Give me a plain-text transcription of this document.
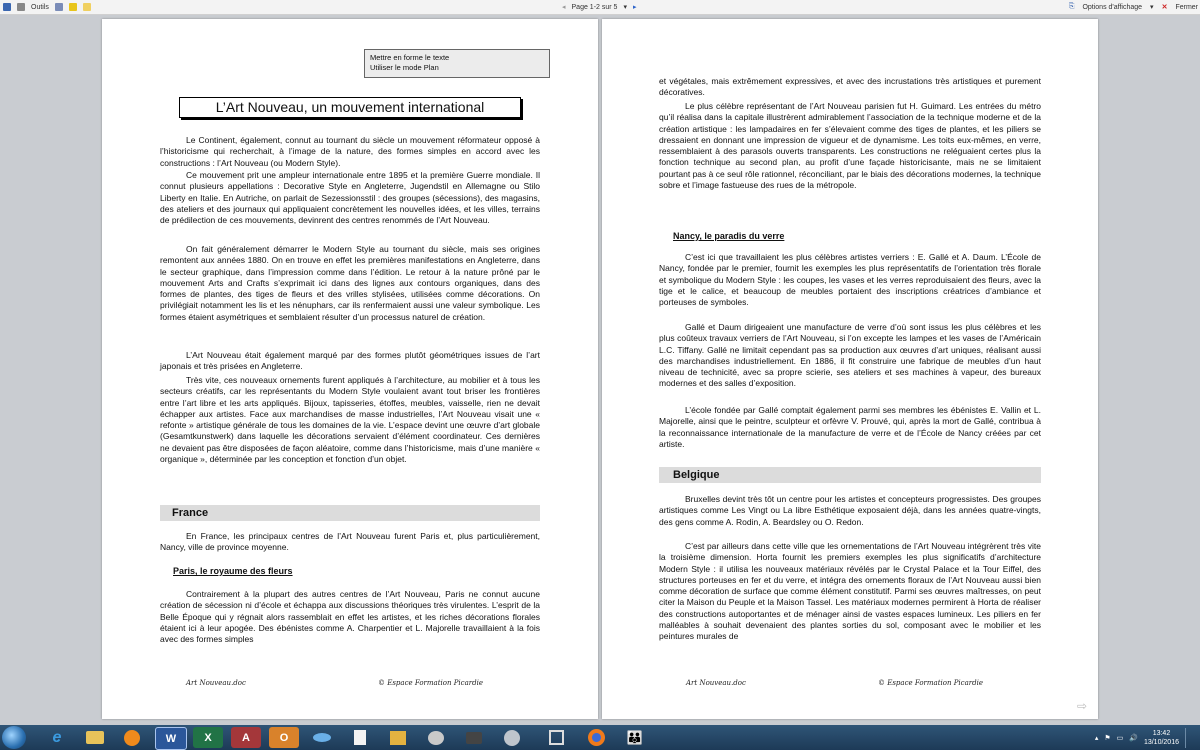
Outils	◂ Page 1-2 sur 5 ▾ ▸	⎘ Options d'affichage ▾ ✕ Fermer
Mettre en forme le texte
Utiliser le mode Plan
L’Art Nouveau, un mouvement international
Le Continent, également, connut au tournant du siècle un mouvement réformateur opposé à l’historicisme qui recherchait, à l’image de la nature, des formes simples en accord avec les constructions : l’Art Nouveau (ou Modern Style).
Ce mouvement prit une ampleur internationale entre 1895 et la première Guerre mondiale. Il connut plusieurs appellations : Decorative Style en Angleterre, Jugendstil en Allemagne ou Stilo Liberty en Italie. En Autriche, on parlait de Sezessionsstil : des groupes (sécessions), des magasins, des ateliers et des journaux qui appliquaient concrètement les nouvelles idées, et les villes, terrains de prédilection de ces mouvements, devinrent des centres renommés de l’Art Nouveau.
On fait généralement démarrer le Modern Style au tournant du siècle, mais ses origines remontent aux années 1880. On en trouve en effet les premières manifestations en Angleterre, dans le secteur graphique, dans l’impression comme dans l’édition. Le retour à la nature prôné par le mouvement Arts and Crafts s’exprimait ici dans des lignes aux contours organiques, dans des formes de plantes, des tiges de fleurs et des vrilles stylisées, utilisées comme décorations. On privilégiait notamment les lis et les nénuphars, car ils renfermaient aussi une valeur symbolique. Les formes étaient asymétriques et semblaient résulter d’un processus naturel de création.
L’Art Nouveau était également marqué par des formes plutôt géométriques issues de l’art japonais et très prisées en Angleterre.
Très vite, ces nouveaux ornements furent appliqués à l’architecture, au mobilier et à tous les secteurs créatifs, car les représentants du Modern Style voulaient avant tout briser les frontières entre l’art libre et les arts appliqués. Bijoux, tapisseries, étoffes, meubles, vaisselle, rien ne devait échapper aux artistes. Face aux marchandises de masse industrielles, l’Art Nouveau visait une « refonte » artistique générale de tous les domaines de la vie. L’espace devint une œuvre d’art globale (Gesamtkunstwerk) dans laquelle les décorations servaient d’élément coordinateur. Ces dernières ne devaient pas être disposées de façon aléatoire, comme dans l’historicisme, mais d’une manière « organique », déterminée par les conception et fonction d’un objet.
France
En France, les principaux centres de l’Art Nouveau furent Paris et, plus particulièrement, Nancy, ville de province moyenne.
Paris, le royaume des fleurs
Contrairement à la plupart des autres centres de l’Art Nouveau, Paris ne connut aucune création de sécession ni d’école et échappa aux discussions théoriques très virulentes. L’esprit de la Belle Époque qui y régnait alors rassemblait en effet les artistes, et les riches décorations florales étaient ici à leur apogée. Des ébénistes comme A. Charpentier et L. Majorelle travaillaient à la fois avec des formes simples
Art Nouveau.doc	© Espace Formation Picardie
et végétales, mais extrêmement expressives, et avec des incrustations très artistiques et purement décoratives.
Le plus célèbre représentant de l’Art Nouveau parisien fut H. Guimard. Les entrées du métro qu’il réalisa dans la capitale illustrèrent admirablement l’association de la technique moderne et de la création artistique : les lampadaires en fer s’élevaient comme des tiges de plantes, et les piliers se dressaient en donnant une impression de vigueur et de dynamisme. Les toits eux-mêmes, en verre, ressemblaient à des parasols ouverts transparents. Les constructions ne reléguaient certes plus la fonction technique au second plan, au profit d’une façade historicisante, mais ne se limitaient pourtant pas à ce seul rôle rationnel, réconciliant, par le biais des décorations modernes, la technique sobre et l’image fastueuse des rues de la métropole.
Nancy, le paradis du verre
C’est ici que travaillaient les plus célèbres artistes verriers : E. Gallé et A. Daum. L’École de Nancy, fondée par le premier, fournit les exemples les plus représentatifs de l’orientation très florale et symbolique du Modern Style : les coupes, les vases et les verres reproduisaient des fleurs, avec la tige et le calice, et beaucoup de meubles portaient des inscriptions créatrices d’ambiance et porteuses de symboles.
Gallé et Daum dirigeaient une manufacture de verre d’où sont issus les plus célèbres et les plus coûteux travaux verriers de l’Art Nouveau, si l’on excepte les lampes et les vases de l’Américain L.C. Tiffany. Gallé ne limitait cependant pas sa production aux œuvres d’art uniques, réalisant aussi des marchandises industriellement. En 1886, il fit construire une fabrique de meubles d’un haut niveau de technicité, avec sa propre scierie, ses ateliers et ses machines à vapeur, des bureaux modernes et des salles d’exposition.
L’école fondée par Gallé comptait également parmi ses membres les ébénistes E. Vallin et L. Majorelle, ainsi que le peintre, sculpteur et orfèvre V. Prouvé, qui, après la mort de Gallé, contribua à la reconnaissance internationale de la manufacture de verre et de l’École de Nancy créées par cet artiste.
Belgique
Bruxelles devint très tôt un centre pour les artistes et concepteurs progressistes. Des groupes artistiques comme Les Vingt ou La libre Esthétique exposaient déjà, dans les années quatre-vingts, des gens comme A. Rodin, A. Beardsley ou O. Redon.
C’est par ailleurs dans cette ville que les ornementations de l’Art Nouveau intégrèrent très vite la troisième dimension. Horta fournit les premiers exemples les plus significatifs d’architecture Modern Style : il utilisa les nouveaux matériaux révélés par le Crystal Palace et la Tour Eiffel, des structures porteuses en fer et du verre, et intégra des ornements floraux de l’Art Nouveau aussi bien comme décoration de surface que comme élément constitutif. Parmi ses œuvres maîtresses, on peut citer la Maison du Peuple et la Maison Tassel. Les matériaux modernes permirent à Horta de réaliser des constructions autoportantes et de ménager ainsi de vastes espaces lumineux. Les piliers en fer malléables à souhait devenaient des plantes sorties du sol, composant avec le mobilier et les peintures murales de
Art Nouveau.doc	© Espace Formation Picardie
⇨
e	W	X	A	O	👪	▴ ⚑ ▭ 🔊
13:42
13/10/2016
